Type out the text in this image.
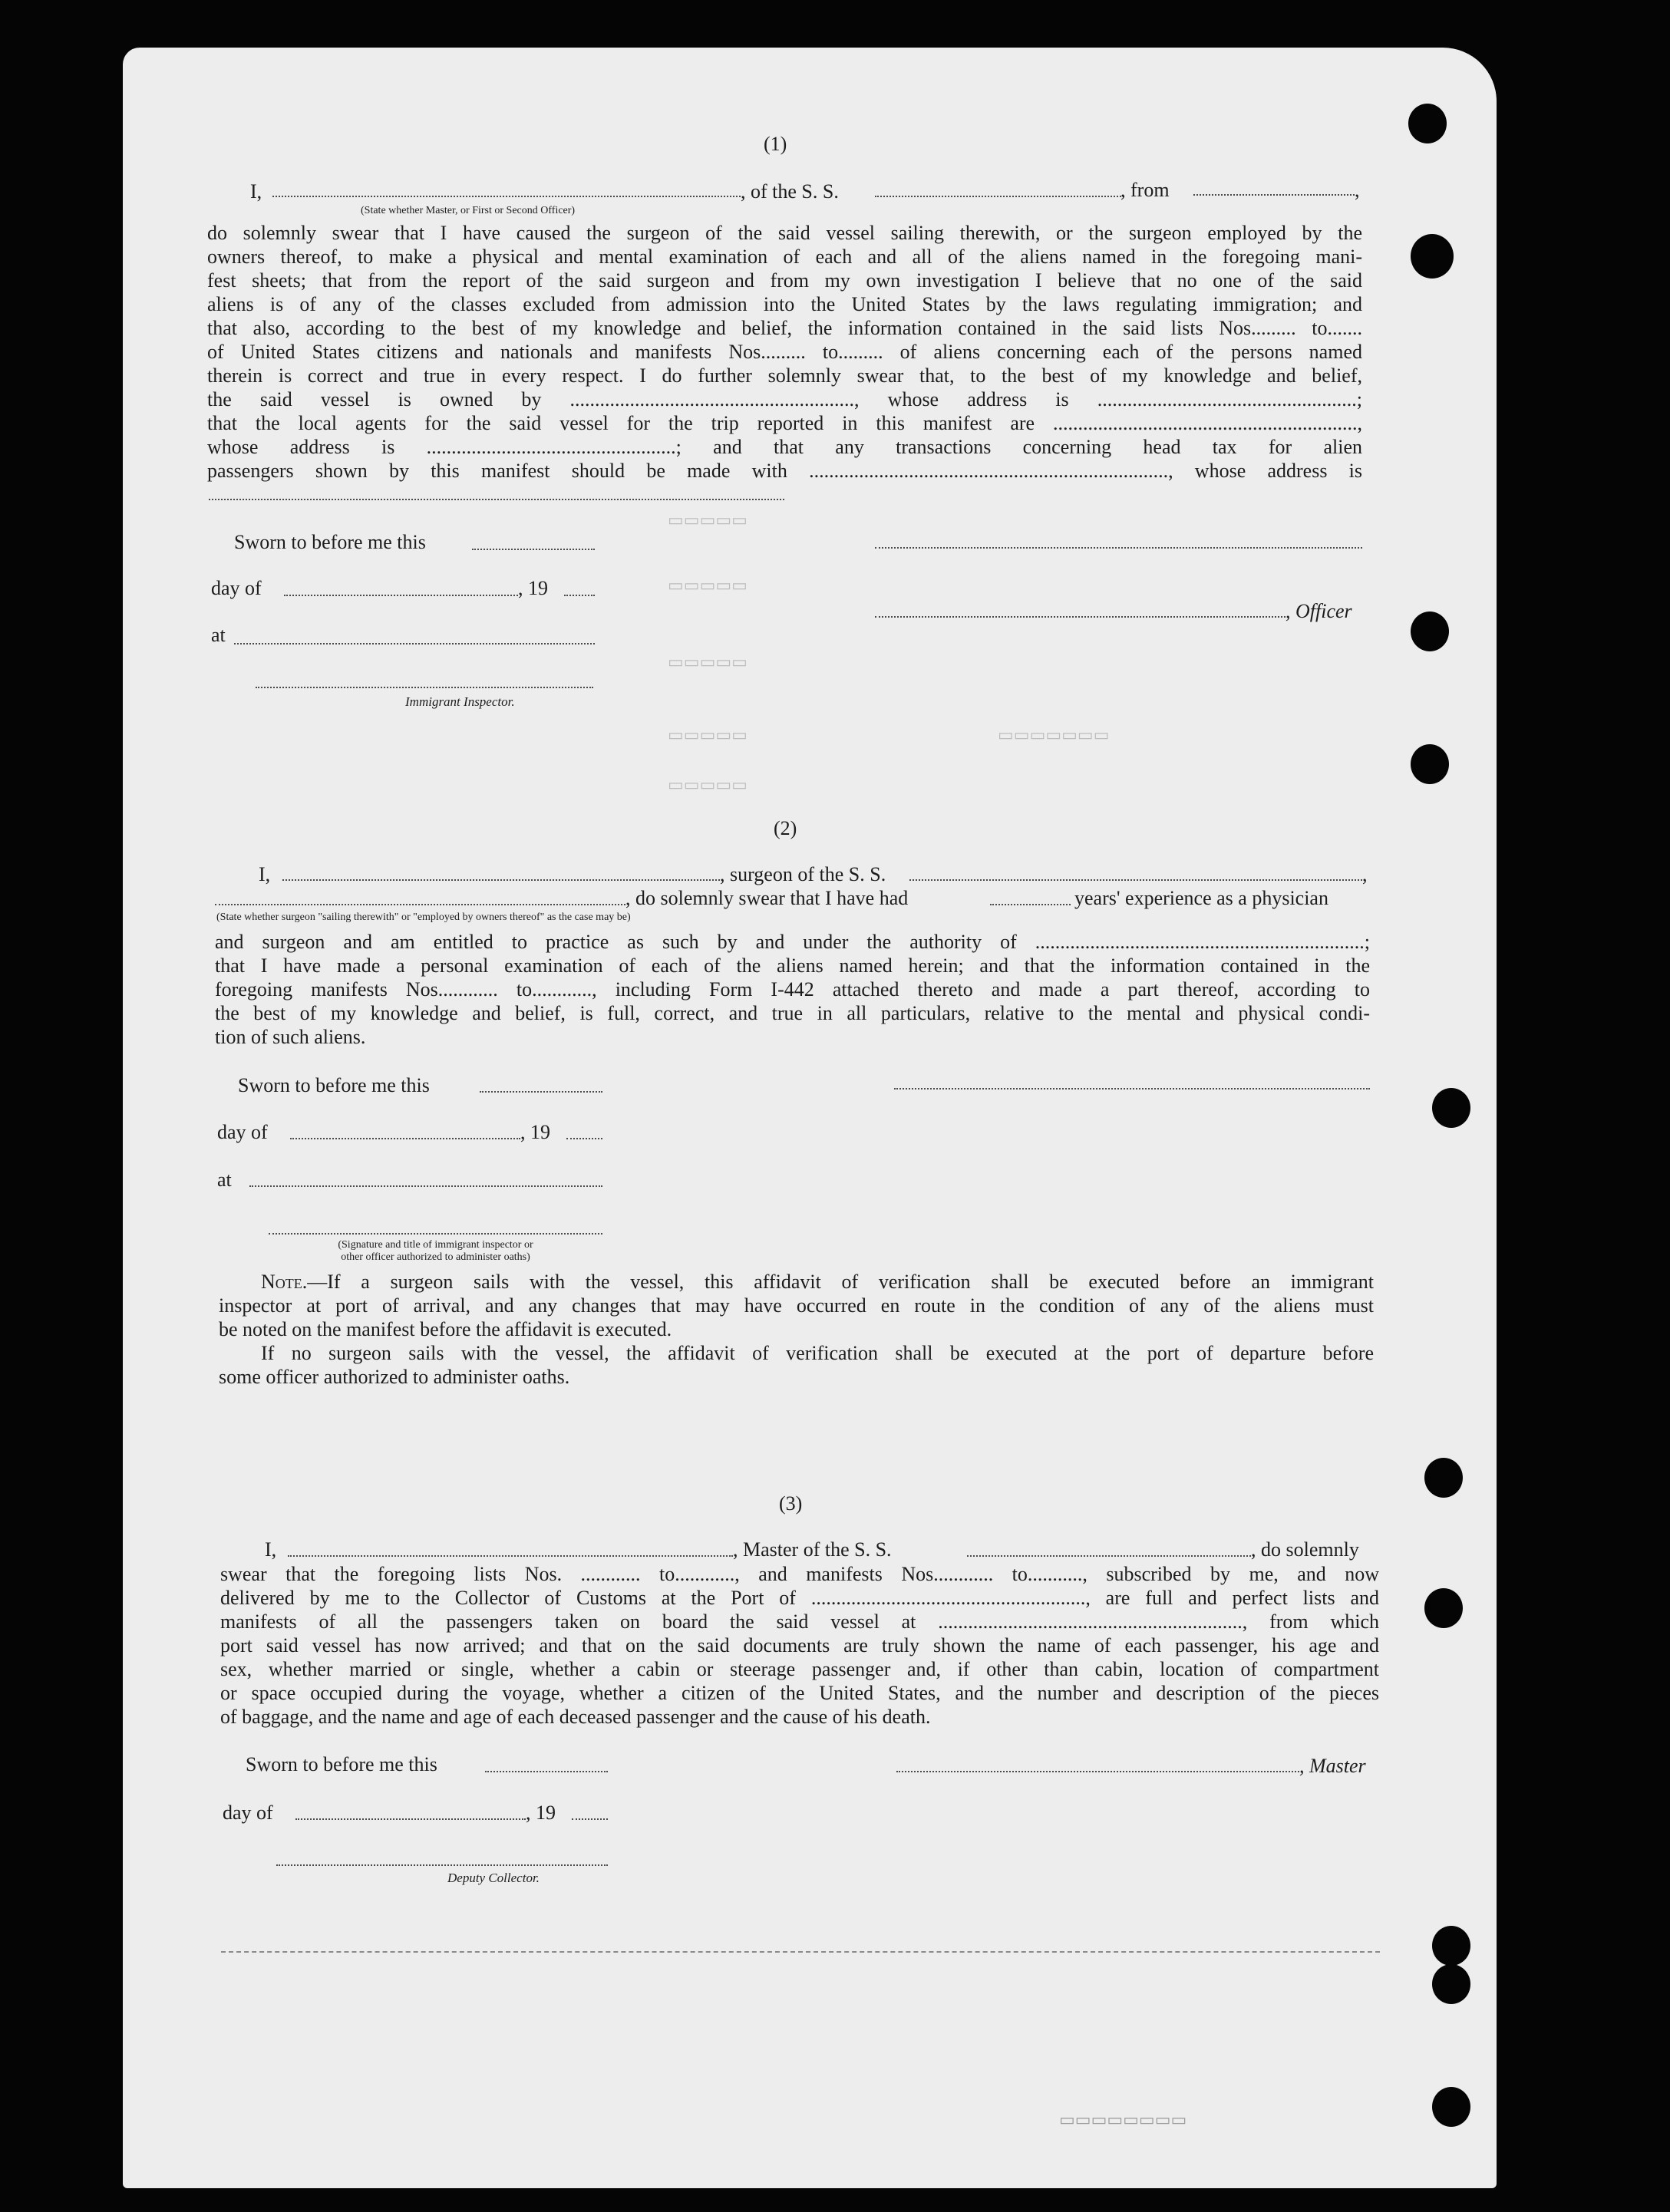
(1)
I,	, of the S. S.	, from	,
(State whether Master, or First or Second Officer)
do solemnly swear that I have caused the surgeon of the said vessel sailing therewith, or the surgeon employed by the
owners thereof, to make a physical and mental examination of each and all of the aliens named in the foregoing mani-
fest sheets; that from the report of the said surgeon and from my own investigation I believe that no one of the said
aliens is of any of the classes excluded from admission into the United States by the laws regulating immigration; and
that also, according to the best of my knowledge and belief, the information contained in the said lists Nos......... to.......
of United States citizens and nationals and manifests Nos......... to......... of aliens concerning each of the persons named
therein is correct and true in every respect. I do further solemnly swear that, to the best of my knowledge and belief,
the said vessel is owned by ........................................................., whose address is ....................................................;
that the local agents for the said vessel for the trip reported in this manifest are .............................................................,
whose address is ..................................................; and that any transactions concerning head tax for alien
passengers shown by this manifest should be made with ........................................................................, whose address is
Sworn to before me this
day of	, 19
, Officer
at
Immigrant Inspector.
▭▭▭▭▭
▭▭▭▭▭
▭▭▭▭▭
▭▭▭▭▭
▭▭▭▭▭
▭▭▭▭▭▭▭
(2)
I,	, surgeon of the S. S.	,
, do solemnly swear that I have had	years' experience as a physician
(State whether surgeon "sailing therewith" or "employed by owners thereof" as the case may be)
and surgeon and am entitled to practice as such by and under the authority of ..................................................................;
that I have made a personal examination of each of the aliens named herein; and that the information contained in the
foregoing manifests Nos............ to............, including Form I-442 attached thereto and made a part thereof, according to
the best of my knowledge and belief, is full, correct, and true in all particulars, relative to the mental and physical condi-
tion of such aliens.
Sworn to before me this
day of	, 19
at
(Signature and title of immigrant inspector or
other officer authorized to administer oaths)
Note.—If a surgeon sails with the vessel, this affidavit of verification shall be executed before an immigrant
inspector at port of arrival, and any changes that may have occurred en route in the condition of any of the aliens must
be noted on the manifest before the affidavit is executed.
If no surgeon sails with the vessel, the affidavit of verification shall be executed at the port of departure before
some officer authorized to administer oaths.
(3)
I,	, Master of the S. S.	, do solemnly
swear that the foregoing lists Nos. ............ to............, and manifests Nos............ to..........., subscribed by me, and now
delivered by me to the Collector of Customs at the Port of ......................................................., are full and perfect lists and
manifests of all the passengers taken on board the said vessel at ............................................................., from which
port said vessel has now arrived; and that on the said documents are truly shown the name of each passenger, his age and
sex, whether married or single, whether a cabin or steerage passenger and, if other than cabin, location of compartment
or space occupied during the voyage, whether a citizen of the United States, and the number and description of the pieces
of baggage, and the name and age of each deceased passenger and the cause of his death.
Sworn to before me this	, Master
day of	, 19
Deputy Collector.
▭▭▭▭▭▭▭▭
